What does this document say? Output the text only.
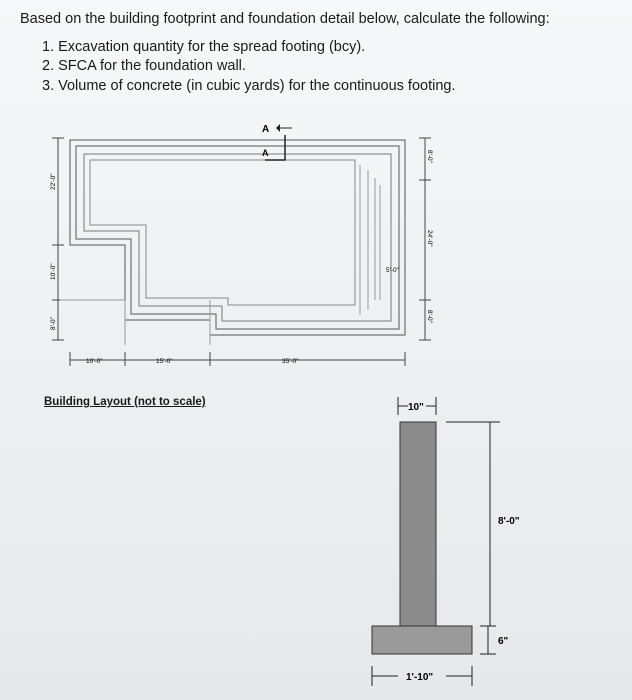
Based on the building footprint and foundation detail below, calculate the following:
1. Excavation quantity for the spread footing (bcy).
2. SFCA for the foundation wall.
3. Volume of concrete (in cubic yards) for the continuous footing.
A
A
22'-0"
10'-0"
8'-0"
10'-0"	15'-0"	35'-0"
8'-0"
24'-0"
8'-0"
5'-0"
Building Layout (not to scale)	10"
8'-0"
6"
1'-10"
